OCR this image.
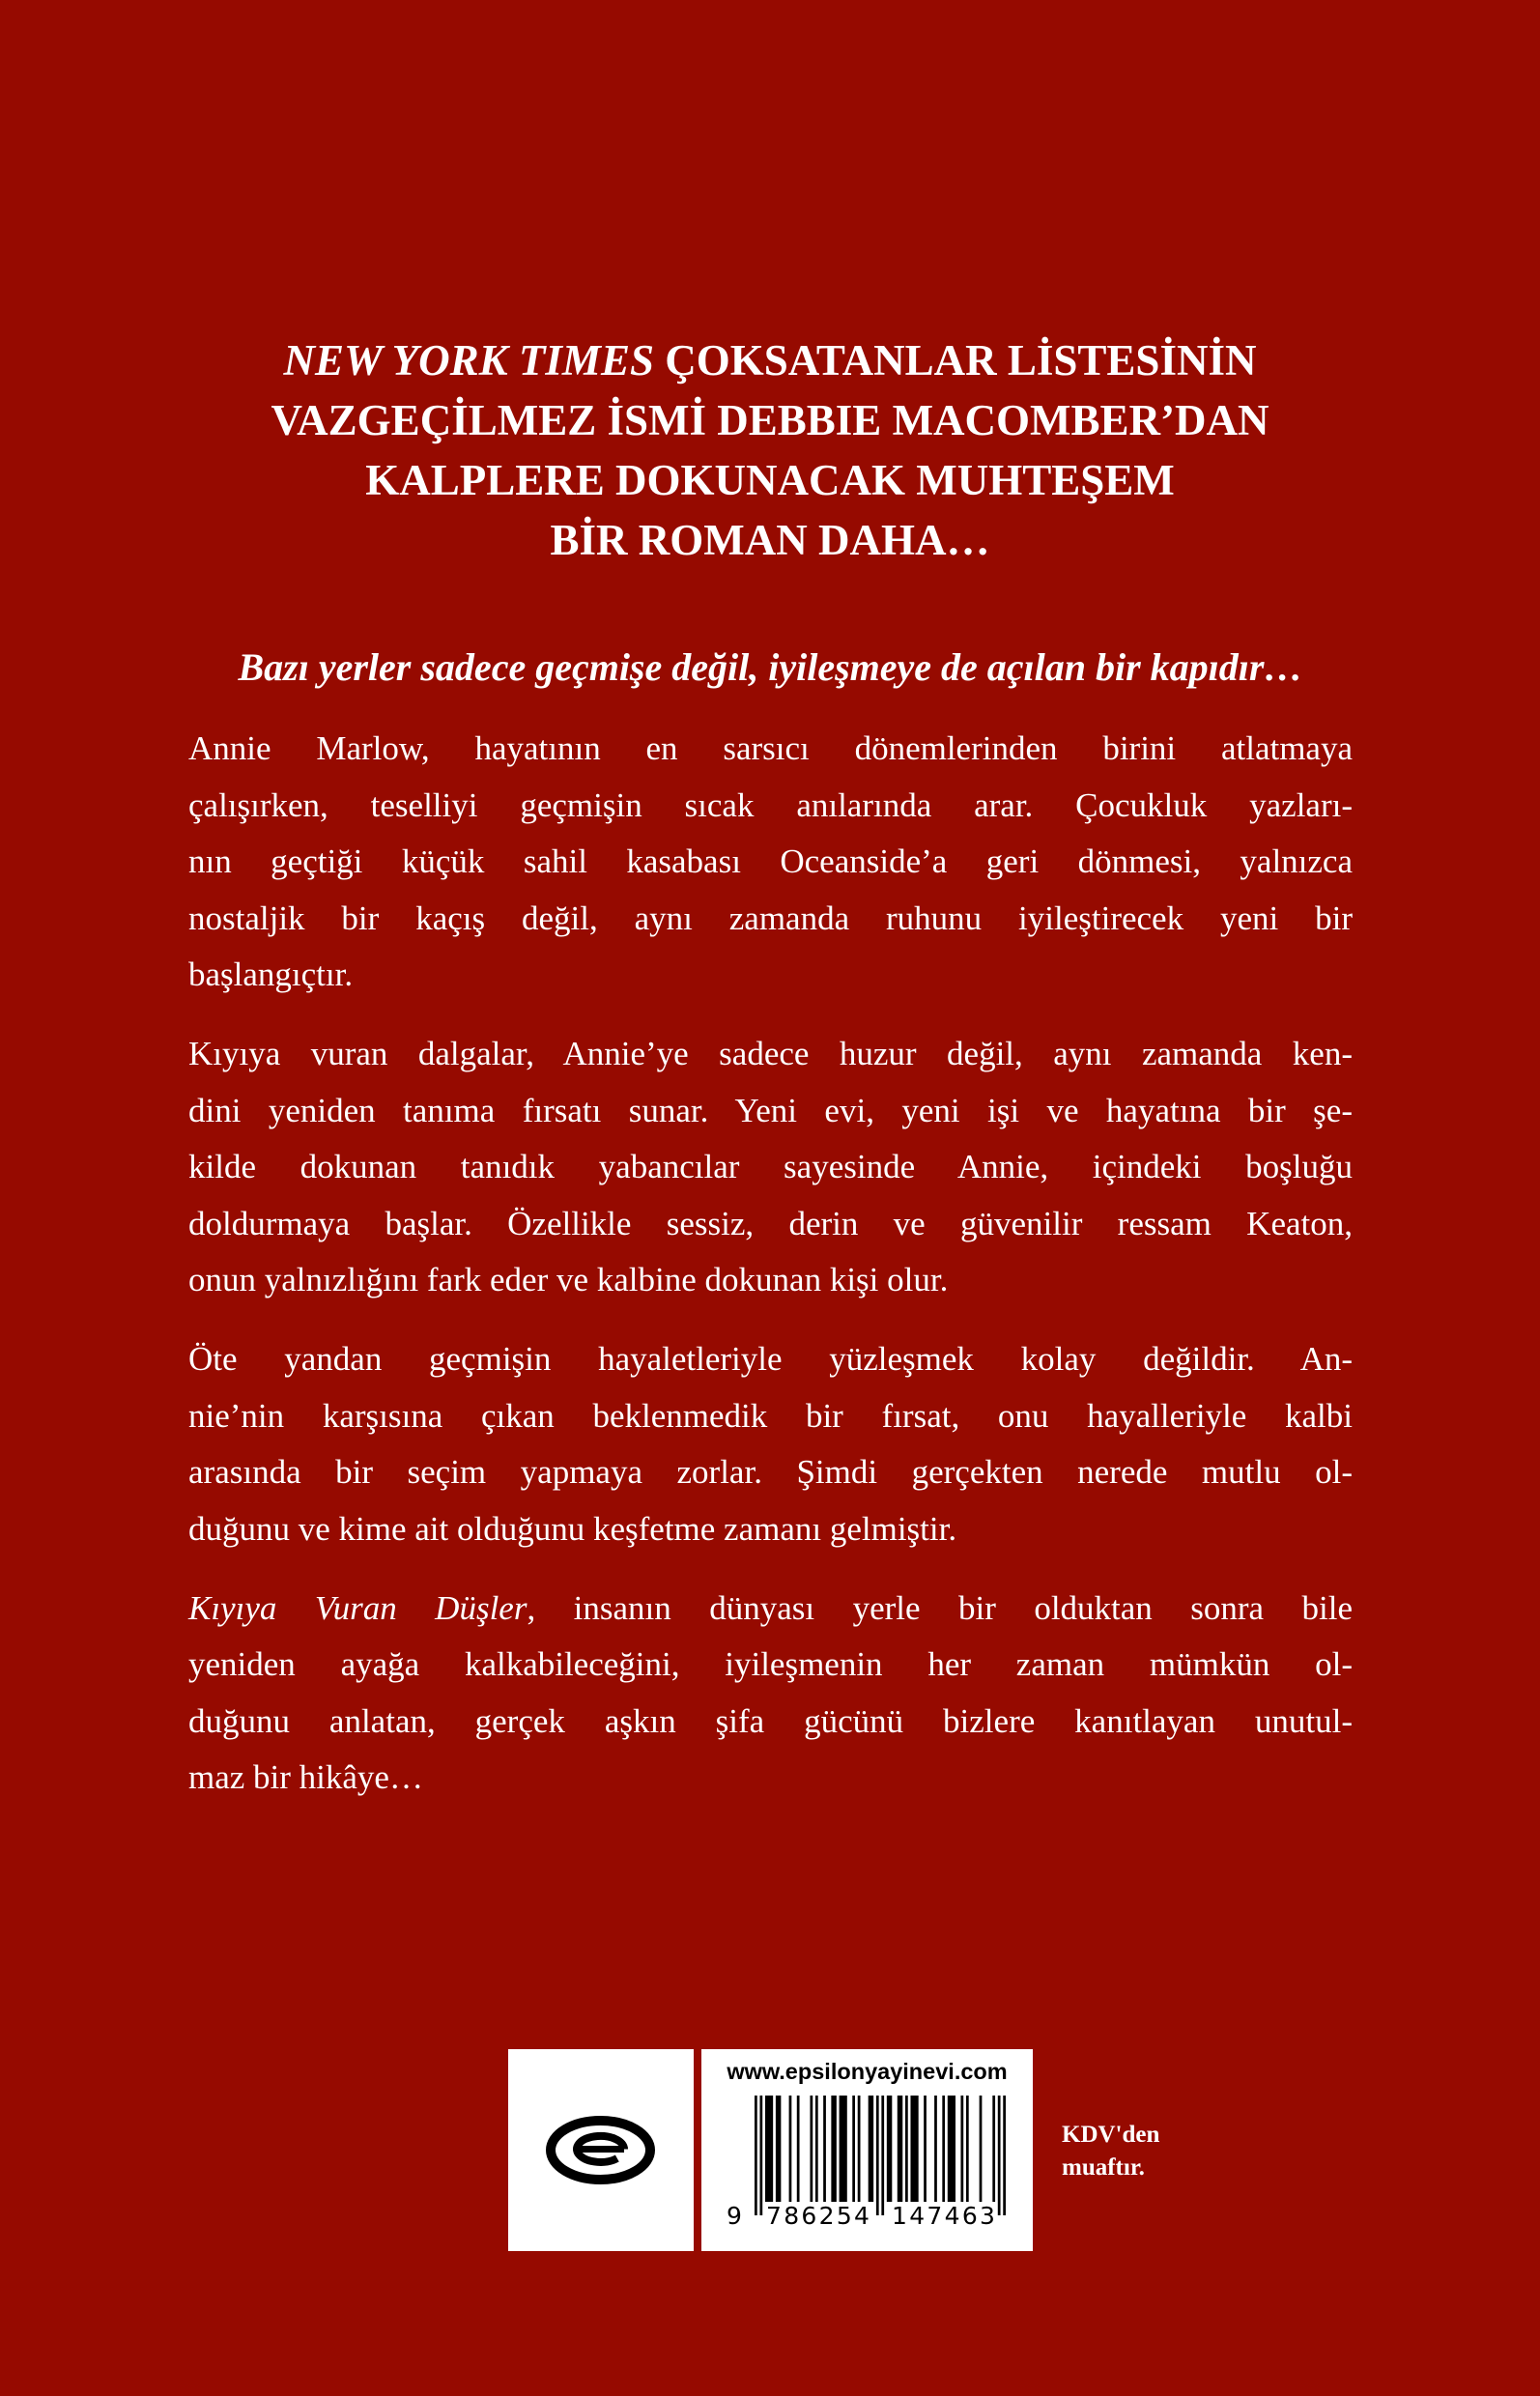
NEW YORK TIMES ÇOKSATANLAR LİSTESİNİN
VAZGEÇİLMEZ İSMİ DEBBIE MACOMBER’DAN
KALPLERE DOKUNACAK MUHTEŞEM
BİR ROMAN DAHA…
Bazı yerler sadece geçmişe değil, iyileşmeye de açılan bir kapıdır…
Annie Marlow, hayatının en sarsıcı dönemlerinden birini atlatmaya
çalışırken, teselliyi geçmişin sıcak anılarında arar. Çocukluk yazları-
nın geçtiği küçük sahil kasabası Oceanside’a geri dönmesi, yalnızca
nostaljik bir kaçış değil, aynı zamanda ruhunu iyileştirecek yeni bir
başlangıçtır.
Kıyıya vuran dalgalar, Annie’ye sadece huzur değil, aynı zamanda ken-
dini yeniden tanıma fırsatı sunar. Yeni evi, yeni işi ve hayatına bir şe-
kilde dokunan tanıdık yabancılar sayesinde Annie, içindeki boşluğu
doldurmaya başlar. Özellikle sessiz, derin ve güvenilir ressam Keaton,
onun yalnızlığını fark eder ve kalbine dokunan kişi olur.
Öte yandan geçmişin hayaletleriyle yüzleşmek kolay değildir. An-
nie’nin karşısına çıkan beklenmedik bir fırsat, onu hayalleriyle kalbi
arasında bir seçim yapmaya zorlar. Şimdi gerçekten nerede mutlu ol-
duğunu ve kime ait olduğunu keşfetme zamanı gelmiştir.
Kıyıya Vuran Düşler, insanın dünyası yerle bir olduktan sonra bile
yeniden ayağa kalkabileceğini, iyileşmenin her zaman mümkün ol-
duğunu anlatan, gerçek aşkın şifa gücünü bizlere kanıtlayan unutul-
maz bir hikâye…
www.epsilonyayinevi.com
9 786254 147463
KDV'den
muaftır.
